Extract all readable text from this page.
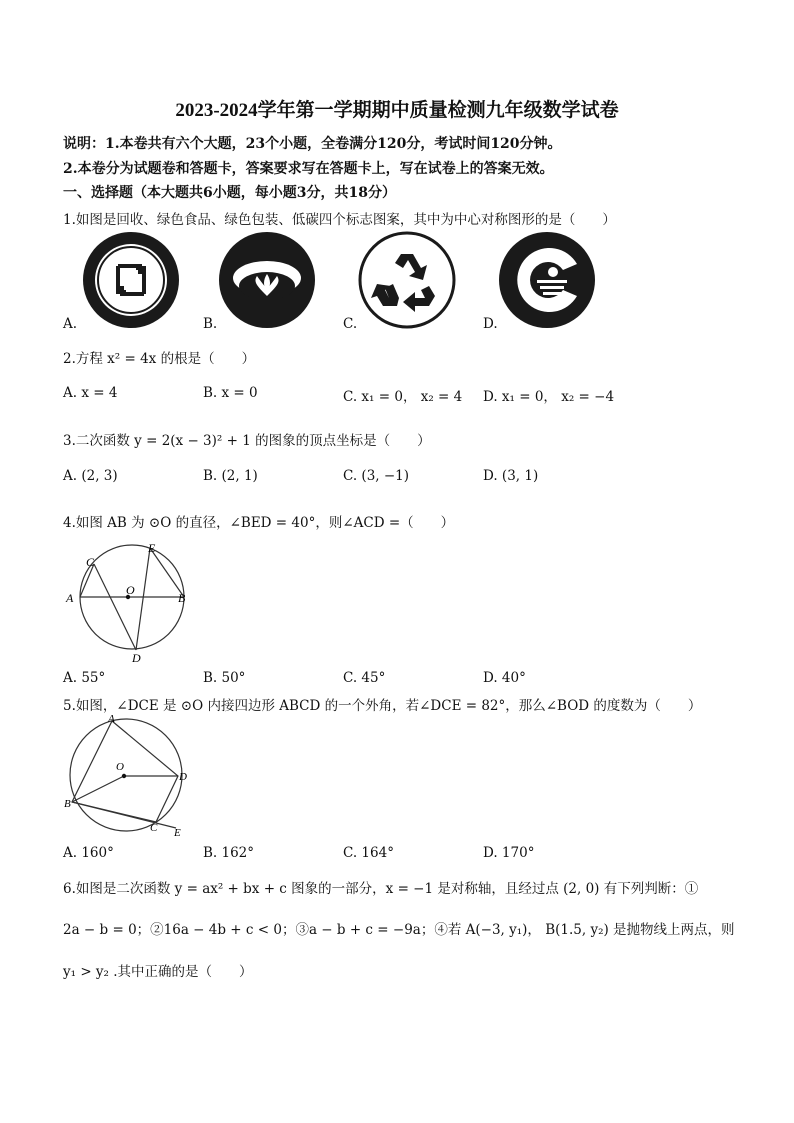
2023-2024学年第一学期期中质量检测九年级数学试卷
说明：1.本卷共有六个大题，23个小题，全卷满分120分，考试时间120分钟。
2.本卷分为试题卷和答题卡，答案要求写在答题卡上，写在试卷上的答案无效。
一、选择题（本大题共6小题，每小题3分，共18分）
1.如图是回收、绿色食品、绿色包装、低碳四个标志图案，其中为中心对称图形的是（　　）
A.	B.	C.	D.
2.方程 x² = 4x 的根是（　　）
A. x = 4	B. x = 0	C. x₁ = 0， x₂ = 4 D. x₁ = 0， x₂ = −4
3.二次函数 y = 2(x − 3)² + 1 的图象的顶点坐标是（　　）
A. (2, 3)	B. (2, 1)	C. (3, −1)	D. (3, 1)
4.如图 AB 为 ⊙O 的直径，∠BED = 40°，则∠ACD =（　　）
C
E
A
O
B
D
A. 55°	B. 50°	C. 45°	D. 40°
5.如图，∠DCE 是 ⊙O 内接四边形 ABCD 的一个外角，若∠DCE = 82°，那么∠BOD 的度数为（　　）
A
O
D
B
C E
A. 160°	B. 162°	C. 164°	D. 170°
6.如图是二次函数 y = ax² + bx + c 图象的一部分，x = −1 是对称轴，且经过点 (2, 0) 有下列判断：①
2a − b = 0；②16a − 4b + c < 0；③a − b + c = −9a；④若 A(−3, y₁)， B(1.5, y₂) 是抛物线上两点，则
y₁ > y₂ .其中正确的是（　　）
